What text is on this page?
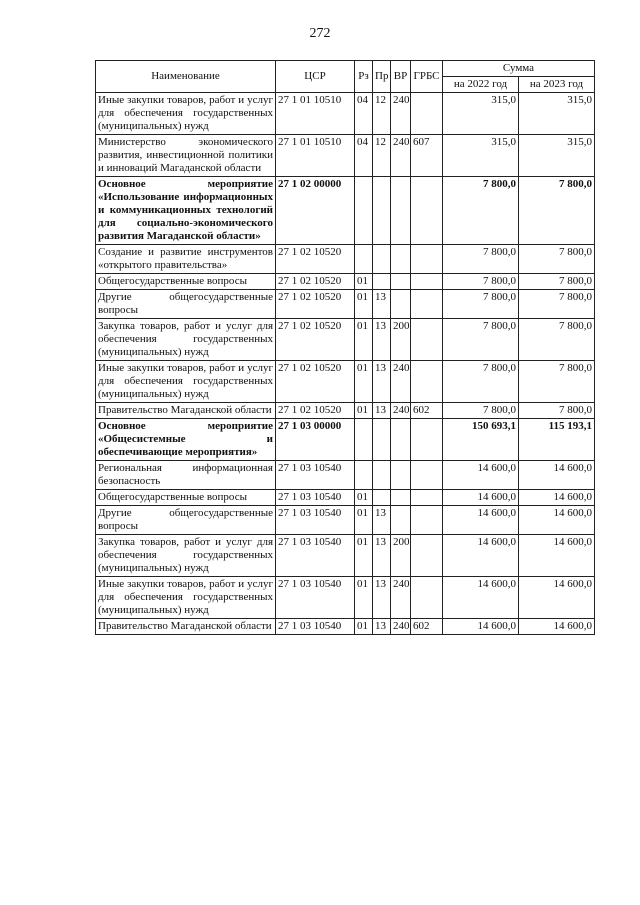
272
Наименование	ЦСР	Рз	Пр	ВР	ГРБС	Сумма	
						на 2022 год	на 2023 год
Иные закупки товаров, работ и услуг для обеспечения государственных (муниципальных) нужд	27 1 01 10510	04	12	240		315,0	315,0
Министерство экономического развития, инвестиционной политики и инноваций Магаданской области	27 1 01 10510	04	12	240	607	315,0	315,0
Основное мероприятие «Использование информационных и коммуникационных технологий для социально-экономического развития Магаданской области»	27 1 02 00000					7 800,0	7 800,0
Создание и развитие инструментов «открытого правительства»	27 1 02 10520					7 800,0	7 800,0
Общегосударственные вопросы	27 1 02 10520	01				7 800,0	7 800,0
Другие общегосударственные вопросы	27 1 02 10520	01	13			7 800,0	7 800,0
Закупка товаров, работ и услуг для обеспечения государственных (муниципальных) нужд	27 1 02 10520	01	13	200		7 800,0	7 800,0
Иные закупки товаров, работ и услуг для обеспечения государственных (муниципальных) нужд	27 1 02 10520	01	13	240		7 800,0	7 800,0
Правительство Магаданской области	27 1 02 10520	01	13	240	602	7 800,0	7 800,0
Основное мероприятие «Общесистемные и обеспечивающие мероприятия»	27 1 03 00000					150 693,1	115 193,1
Региональная информационная безопасность	27 1 03 10540					14 600,0	14 600,0
Общегосударственные вопросы	27 1 03 10540	01				14 600,0	14 600,0
Другие общегосударственные вопросы	27 1 03 10540	01	13			14 600,0	14 600,0
Закупка товаров, работ и услуг для обеспечения государственных (муниципальных) нужд	27 1 03 10540	01	13	200		14 600,0	14 600,0
Иные закупки товаров, работ и услуг для обеспечения государственных (муниципальных) нужд	27 1 03 10540	01	13	240		14 600,0	14 600,0
Правительство Магаданской области	27 1 03 10540	01	13	240	602	14 600,0	14 600,0
